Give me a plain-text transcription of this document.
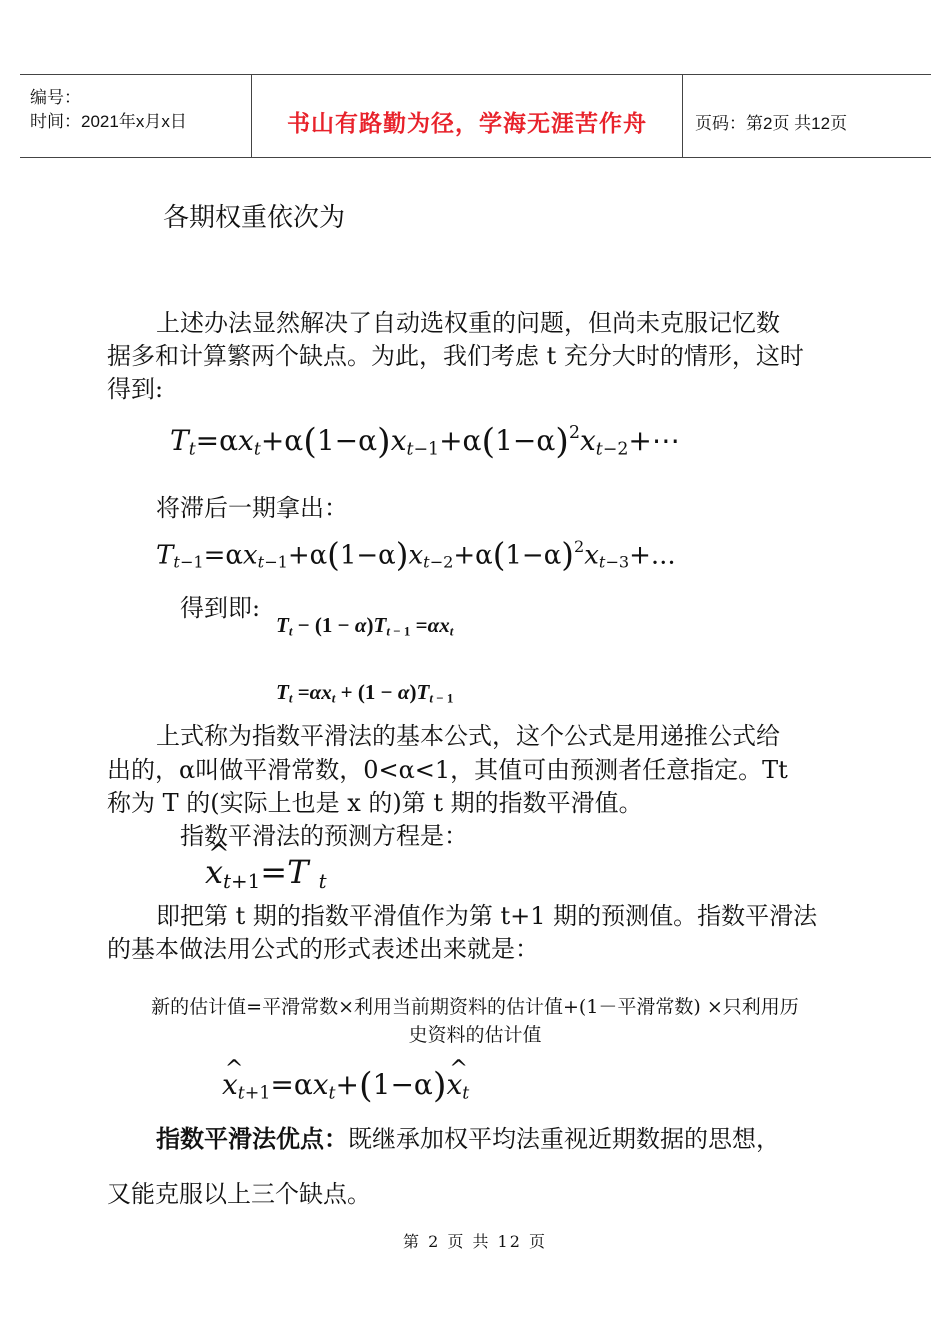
编号：
时间：2021年x月x日	书山有路勤为径，学海无涯苦作舟	页码：第2页 共12页
各期权重依次为
上述办法显然解决了自动选权重的问题，但尚未克服记忆数
据多和计算繁两个缺点。为此，我们考虑 t 充分大时的情形，这时
得到:
$T_t=\alpha x_t+\alpha(1-\alpha)x_{t-1}+\alpha(1-\alpha)^2x_{t-2}+\cdots$
将滞后一期拿出：
$T_{t-1}=\alpha x_{t-1}+\alpha(1-\alpha)x_{t-2}+\alpha(1-\alpha)^2x_{t-3}+$...
得到即:
$T_t - (1 - \alpha)T_{t - 1} =\alpha x_t$
$T_t =\alpha x_t + (1 - \alpha)T_{t - 1}$
上式称为指数平滑法的基本公式，这个公式是用递推公式给
出的，α叫做平滑常数，0<α<1，其值可由预测者任意指定。Tt
称为 T 的(实际上也是 x 的)第 t 期的指数平滑值。
指数平滑法的预测方程是：
^ $x_{t+1}=T$ $_t$
即把第 t 期的指数平滑值作为第 t+1 期的预测值。指数平滑法
的基本做法用公式的形式表述出来就是：
新的估计值=平滑常数×利用当前期资料的估计值+(1－平滑常数) ×只利用历
史资料的估计值
^ $x_{t+1}=\alpha x_t+(1-\alpha)\^{}$ $x_t$
指数平滑法优点：既继承加权平均法重视近期数据的思想，
又能克服以上三个缺点。
第 2 页 共 12 页
